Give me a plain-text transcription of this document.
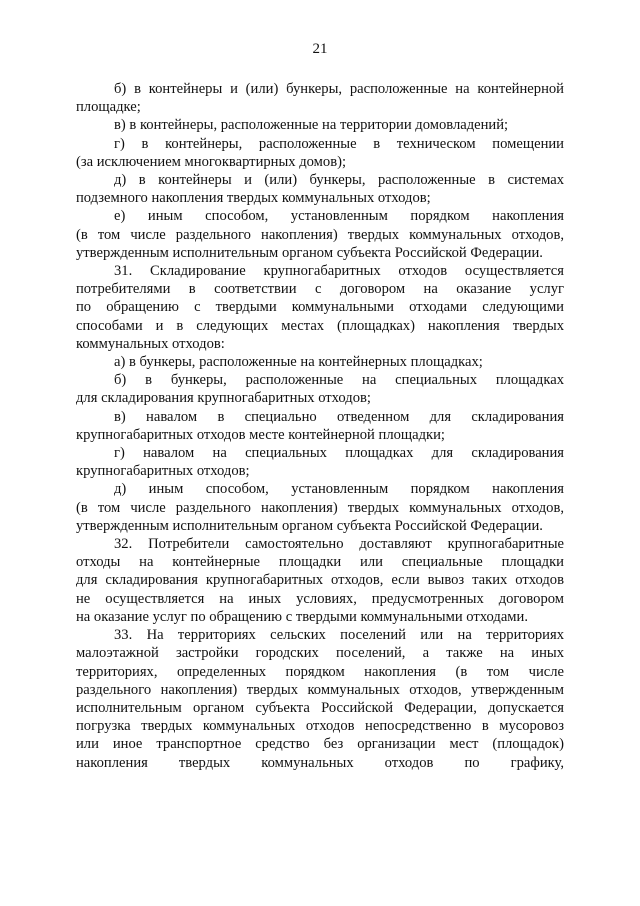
21
б) в контейнеры и (или) бункеры, расположенные на контейнерной
площадке;
в) в контейнеры, расположенные на территории домовладений;
г) в контейнеры, расположенные в техническом помещении
(за исключением многоквартирных домов);
д) в контейнеры и (или) бункеры, расположенные в системах
подземного накопления твердых коммунальных отходов;
е) иным способом, установленным порядком накопления
(в том числе раздельного накопления) твердых коммунальных отходов,
утвержденным исполнительным органом субъекта Российской Федерации.
31. Складирование крупногабаритных отходов осуществляется
потребителями в соответствии с договором на оказание услуг
по обращению с твердыми коммунальными отходами следующими
способами и в следующих местах (площадках) накопления твердых
коммунальных отходов:
а) в бункеры, расположенные на контейнерных площадках;
б) в бункеры, расположенные на специальных площадках
для складирования крупногабаритных отходов;
в) навалом в специально отведенном для складирования
крупногабаритных отходов месте контейнерной площадки;
г) навалом на специальных площадках для складирования
крупногабаритных отходов;
д) иным способом, установленным порядком накопления
(в том числе раздельного накопления) твердых коммунальных отходов,
утвержденным исполнительным органом субъекта Российской Федерации.
32. Потребители самостоятельно доставляют крупногабаритные
отходы на контейнерные площадки или специальные площадки
для складирования крупногабаритных отходов, если вывоз таких отходов
не осуществляется на иных условиях, предусмотренных договором
на оказание услуг по обращению с твердыми коммунальными отходами.
33. На территориях сельских поселений или на территориях
малоэтажной застройки городских поселений, а также на иных
территориях, определенных порядком накопления (в том числе
раздельного накопления) твердых коммунальных отходов, утвержденным
исполнительным органом субъекта Российской Федерации, допускается
погрузка твердых коммунальных отходов непосредственно в мусоровоз
или иное транспортное средство без организации мест (площадок)
накопления твердых коммунальных отходов по графику,
